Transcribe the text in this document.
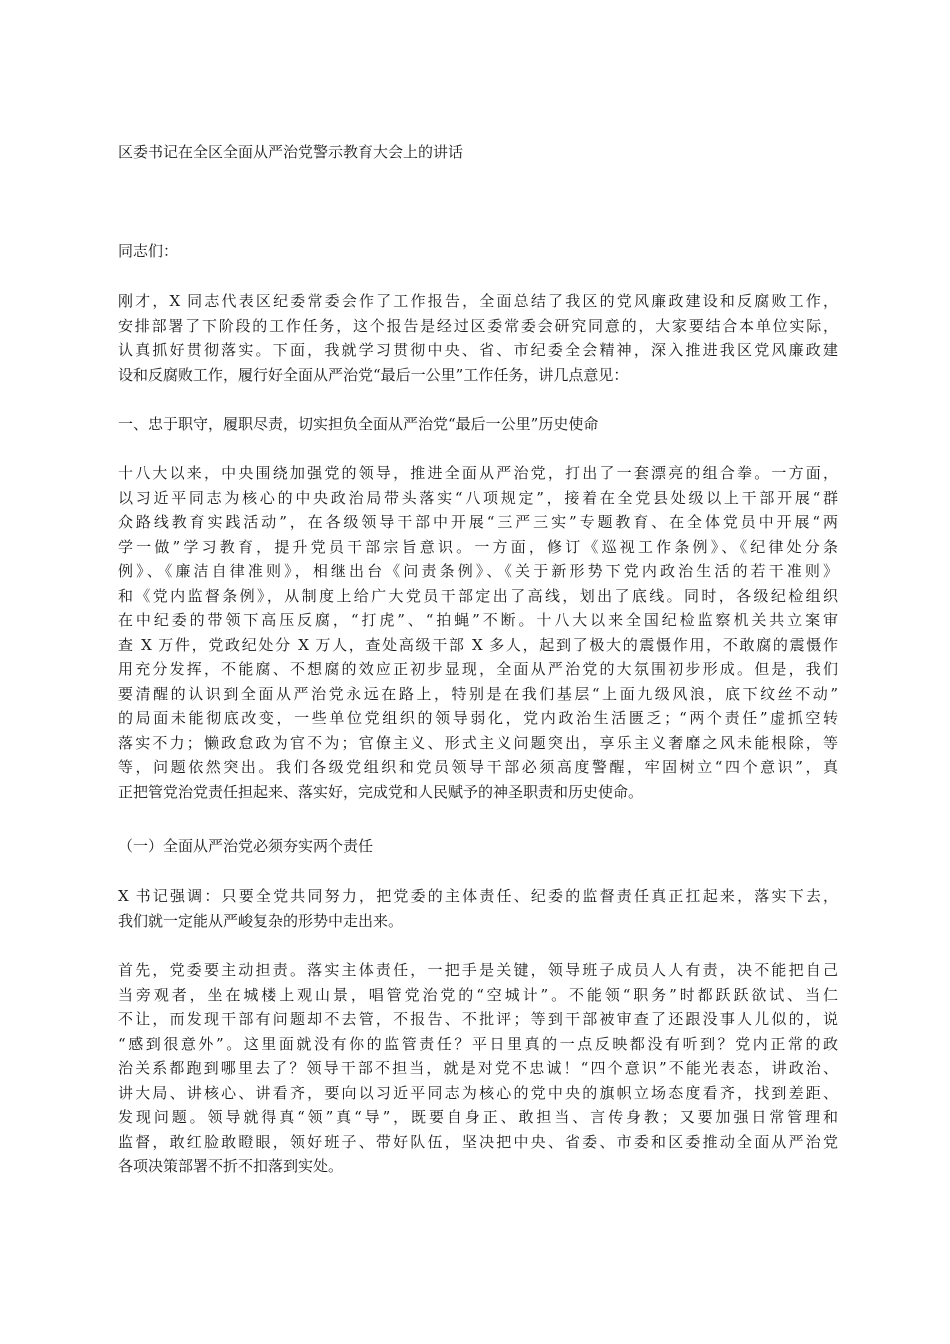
区委书记在全区全面从严治党警示教育大会上的讲话
同志们：
刚才，X 同志代表区纪委常委会作了工作报告，全面总结了我区的党风廉政建设和反腐败工作，
安排部署了下阶段的工作任务，这个报告是经过区委常委会研究同意的，大家要结合本单位实际，
认真抓好贯彻落实。下面，我就学习贯彻中央、省、市纪委全会精神，深入推进我区党风廉政建
设和反腐败工作，履行好全面从严治党“最后一公里”工作任务，讲几点意见：
一、忠于职守，履职尽责，切实担负全面从严治党“最后一公里”历史使命
十八大以来，中央围绕加强党的领导，推进全面从严治党，打出了一套漂亮的组合拳。一方面，
以习近平同志为核心的中央政治局带头落实“八项规定”，接着在全党县处级以上干部开展“群
众路线教育实践活动”，在各级领导干部中开展“三严三实”专题教育、在全体党员中开展“两
学一做”学习教育，提升党员干部宗旨意识。一方面，修订《巡视工作条例》、《纪律处分条
例》、《廉洁自律准则》，相继出台《问责条例》、《关于新形势下党内政治生活的若干准则》
和《党内监督条例》，从制度上给广大党员干部定出了高线，划出了底线。同时，各级纪检组织
在中纪委的带领下高压反腐，“打虎”、“拍蝇”不断。十八大以来全国纪检监察机关共立案审
查 X 万件，党政纪处分 X 万人，查处高级干部 X 多人，起到了极大的震慑作用，不敢腐的震慑作
用充分发挥，不能腐、不想腐的效应正初步显现，全面从严治党的大氛围初步形成。但是，我们
要清醒的认识到全面从严治党永远在路上，特别是在我们基层“上面九级风浪，底下纹丝不动”
的局面未能彻底改变，一些单位党组织的领导弱化，党内政治生活匮乏；“两个责任”虚抓空转
落实不力；懒政怠政为官不为；官僚主义、形式主义问题突出，享乐主义奢靡之风未能根除，等
等，问题依然突出。我们各级党组织和党员领导干部必须高度警醒，牢固树立“四个意识”，真
正把管党治党责任担起来、落实好，完成党和人民赋予的神圣职责和历史使命。
（一）全面从严治党必须夯实两个责任
X 书记强调：只要全党共同努力，把党委的主体责任、纪委的监督责任真正扛起来，落实下去，
我们就一定能从严峻复杂的形势中走出来。
首先，党委要主动担责。落实主体责任，一把手是关键，领导班子成员人人有责，决不能把自己
当旁观者，坐在城楼上观山景，唱管党治党的“空城计”。不能领“职务”时都跃跃欲试、当仁
不让，而发现干部有问题却不去管，不报告、不批评；等到干部被审查了还跟没事人儿似的，说
“感到很意外”。这里面就没有你的监管责任？平日里真的一点反映都没有听到？党内正常的政
治关系都跑到哪里去了？领导干部不担当，就是对党不忠诚！“四个意识”不能光表态，讲政治、
讲大局、讲核心、讲看齐，要向以习近平同志为核心的党中央的旗帜立场态度看齐，找到差距、
发现问题。领导就得真“领”真“导”，既要自身正、敢担当、言传身教；又要加强日常管理和
监督，敢红脸敢瞪眼，领好班子、带好队伍，坚决把中央、省委、市委和区委推动全面从严治党
各项决策部署不折不扣落到实处。
